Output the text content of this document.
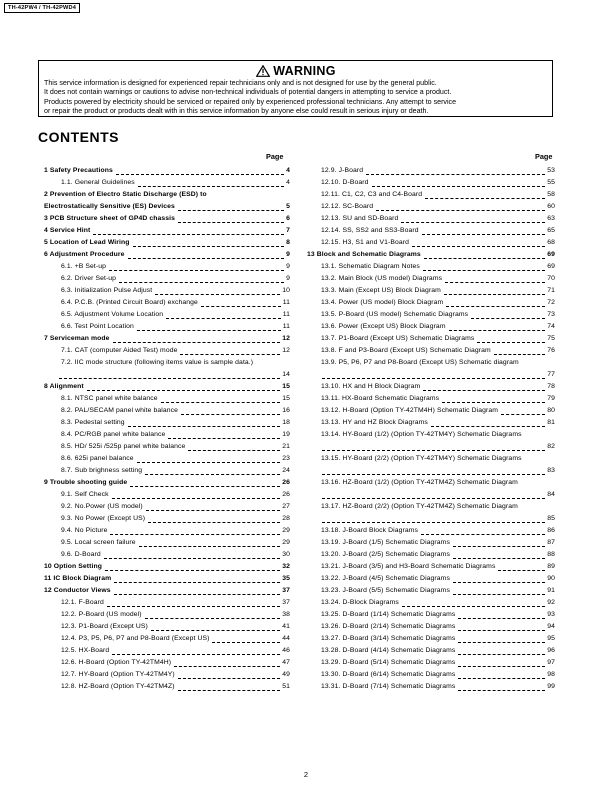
TH-42PW4 / TH-42PWD4
WARNING
This service information is designed for experienced repair technicians only and is not designed for use by the general public.
It does not contain warnings or cautions to advise non-technical individuals of potential dangers in attempting to service a product.
Products powered by electricity should be serviced or repaired only by experienced professional technicians. Any attempt to service
or repair the product or products dealt with in this service information by anyone else could result in serious injury or death.
CONTENTS
Page	Page
1 Safety Precautions	4
1.1. General Guidelines	4
2 Prevention of Electro Static Discharge (ESD) to
Electrostatically Sensitive (ES) Devices	5
3 PCB Structure sheet of GP4D chassis	6
4 Service Hint	7
5 Location of Lead Wiring	8
6 Adjustment Procedure	9
6.1. +B Set-up	9
6.2. Driver Set-up	9
6.3. Initialization Pulse Adjust	10
6.4. P.C.B. (Printed Circuit Board) exchange	11
6.5. Adjustment Volume Location	11
6.6. Test Point Location	11
7 Serviceman mode	12
7.1. CAT (computer Aided Test) mode	12
7.2. IIC mode structure (following items value is sample data.)
14
8 Alignment	15
8.1. NTSC panel white balance	15
8.2. PAL/SECAM panel white balance	16
8.3. Pedestal setting	18
8.4. PC/RGB panel white balance	19
8.5. HD/ 525i /525p panel white balance	21
8.6. 625i panel balance	23
8.7. Sub brighness setting	24
9 Trouble shooting guide	26
9.1. Self Check	26
9.2. No.Power (US model)	27
9.3. No Power (Except US)	28
9.4. No Picture	29
9.5. Local screen failure	29
9.6. D-Board	30
10 Option Setting	32
11 IC Block Diagram	35
12 Conductor Views	37
12.1. F-Board	37
12.2. P-Board (US model)	38
12.3. P1-Board (Except US)	41
12.4. P3, P5, P6, P7 and P8-Board (Except US)	44
12.5. HX-Board	46
12.6. H-Board (Option TY-42TM4H)	47
12.7. HY-Board (Option TY-42TM4Y)	49
12.8. HZ-Board (Option TY-42TM4Z)	51
12.9. J-Board	53
12.10. D-Board	55
12.11. C1, C2, C3 and C4-Board	58
12.12. SC-Board	60
12.13. SU and SD-Board	63
12.14. SS, SS2 and SS3-Board	65
12.15. H3, S1 and V1-Board	68
13 Block and Schematic Diagrams	69
13.1. Schematic Diagram Notes	69
13.2. Main Block (US model) Diagrams	70
13.3. Main (Except US) Block Diagram	71
13.4. Power (US model) Block Diagram	72
13.5. P-Board (US model) Schematic Diagrams	73
13.6. Power (Except US) Block Diagram	74
13.7. P1-Board (Except US) Schematic Diagrams	75
13.8. F and P3-Board (Except US) Schematic Diagram	76
13.9. P5, P6, P7 and P8-Board (Except US) Schematic diagram
77
13.10. HX and H Block Diagram	78
13.11. HX-Board Schematic Diagrams	79
13.12. H-Board (Option TY-42TM4H) Schematic Diagram	80
13.13. HY and HZ Block Diagrams	81
13.14. HY-Board (1/2) (Option TY-42TM4Y) Schematic Diagrams
82
13.15. HY-Board (2/2) (Option TY-42TM4Y) Schematic Diagrams
83
13.16. HZ-Board (1/2) (Option TY-42TM4Z) Schematic Diagram
84
13.17. HZ-Board (2/2) (Option TY-42TM4Z) Schematic Diagram
85
13.18. J-Board Block Diagrams	86
13.19. J-Board (1/5) Schematic Diagrams	87
13.20. J-Board (2/5) Schematic Diagrams	88
13.21. J-Board (3/5) and H3-Board Schematic Diagrams	89
13.22. J-Board (4/5) Schematic Diagrams	90
13.23. J-Board (5/5) Schematic Diagrams	91
13.24. D-Block Diagrams	92
13.25. D-Board (1/14) Schematic Diagrams	93
13.26. D-Board (2/14) Schematic Diagrams	94
13.27. D-Board (3/14) Schematic Diagrams	95
13.28. D-Board (4/14) Schematic Diagrams	96
13.29. D-Board (5/14) Schematic Diagrams	97
13.30. D-Board (6/14) Schematic Diagrams	98
13.31. D-Board (7/14) Schematic Diagrams	99
2
